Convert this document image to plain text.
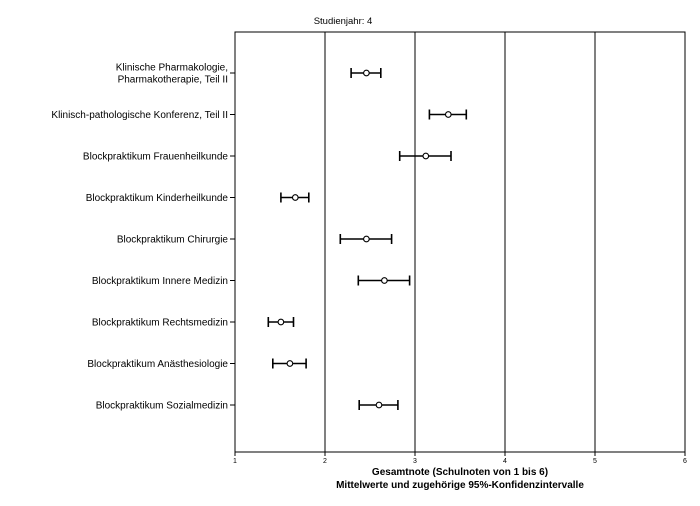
Studienjahr: 4
1	2	3	4	5	6
Klinische Pharmakologie,
Pharmakotherapie, Teil II
Klinisch-pathologische Konferenz, Teil II
Blockpraktikum Frauenheilkunde
Blockpraktikum Kinderheilkunde
Blockpraktikum Chirurgie
Blockpraktikum Innere Medizin
Blockpraktikum Rechtsmedizin
Blockpraktikum Anästhesiologie
Blockpraktikum Sozialmedizin
Gesamtnote (Schulnoten von 1 bis 6)
Mittelwerte und zugehörige 95%-Konfidenzintervalle
